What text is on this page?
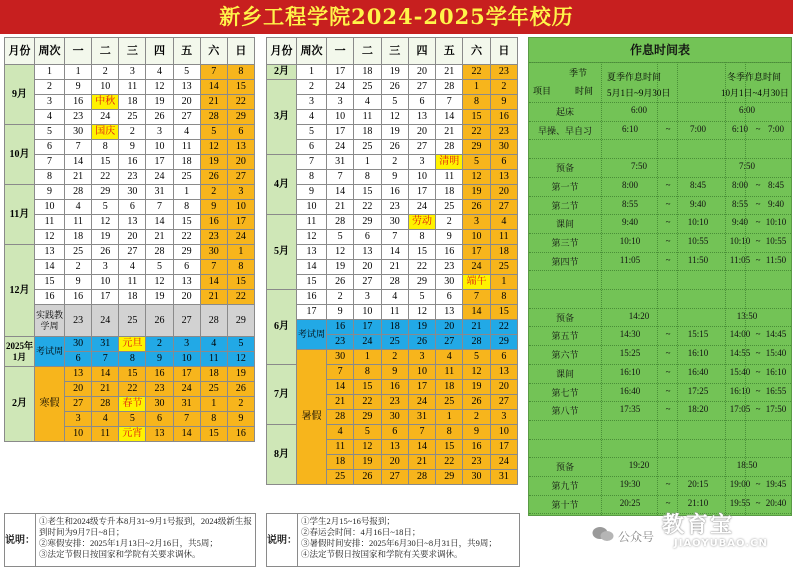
新乡工程学院2024-2025学年校历
月份	周次	一	二	三	四	五	六	日
9月	1	1	2	3	4	5	7	8
	2	9	10	11	12	13	14	15
	3	16	中秋	18	19	20	21	22
	4	23	24	25	26	27	28	29
10月	5	30	国庆	2	3	4	5	6
	6	7	8	9	10	11	12	13
	7	14	15	16	17	18	19	20
	8	21	22	23	24	25	26	27
11月	9	28	29	30	31	1	2	3
	10	4	5	6	7	8	9	10
	11	11	12	13	14	15	16	17
	12	18	19	20	21	22	23	24
12月	13	25	26	27	28	29	30	1
	14	2	3	4	5	6	7	8
	15	9	10	11	12	13	14	15
	16	16	17	18	19	20	21	22
	实践教学周	23	24	25	26	27	28	29
2025年1月	考试周	30	31	元旦	2	3	4	5
		6	7	8	9	10	11	12
2月	寒假	13	14	15	16	17	18	19
		20	21	22	23	24	25	26
		27	28	春节	30	31	1	2
		3	4	5	6	7	8	9
		10	11	元宵	13	14	15	16
说明：
①老生和2024级专升本8月31~9月1号报到，2024级新生报到时间为9月7日~8日；
②寒假安排：2025年1月13日~2月16日，共5周；
③法定节假日按国家和学院有关要求调休。
月份	周次	一	二	三	四	五	六	日
2月	1	17	18	19	20	21	22	23
3月	2	24	25	26	27	28	1	2
	3	3	4	5	6	7	8	9
	4	10	11	12	13	14	15	16
	5	17	18	19	20	21	22	23
	6	24	25	26	27	28	29	30
4月	7	31	1	2	3	清明	5	6
	8	7	8	9	10	11	12	13
	9	14	15	16	17	18	19	20
	10	21	22	23	24	25	26	27
5月	11	28	29	30	劳动	2	3	4
	12	5	6	7	8	9	10	11
	13	12	13	14	15	16	17	18
	14	19	20	21	22	23	24	25
	15	26	27	28	29	30	端午	1
6月	16	2	3	4	5	6	7	8
	17	9	10	11	12	13	14	15
	考试周	16	17	18	19	20	21	22
		23	24	25	26	27	28	29
	暑假	30	1	2	3	4	5	6
7月		7	8	9	10	11	12	13
		14	15	16	17	18	19	20
		21	22	23	24	25	26	27
		28	29	30	31	1	2	3
8月		4	5	6	7	8	9	10
		11	12	13	14	15	16	17
		18	19	20	21	22	23	24
		25	26	27	28	29	30	31
说明：
①学生2月15~16号报到；
②春运会时间：4月16日~18日；
③暑假时间安排：2025年6月30日~8月31日，共9周；
④法定节假日按国家和学院有关要求调休。
作息时间表
季节
项目	时间
夏季作息时间
5月1日~9月30日
冬季作息时间
10月1日~4月30日
起床	6:00	6:00
早操、早自习	6:10	~	7:00	6:10 ~ 7:00
预备	7:50	7:50
第一节	8:00	~	8:45	8:00 ~ 8:45
第二节	8:55	~	9:40	8:55 ~ 9:40
课间	9:40	~	10:10	9:40 ~ 10:10
第三节	10:10	~	10:55	10:10 ~ 10:55
第四节	11:05	~	11:50	11:05 ~ 11:50
预备	14:20	13:50
第五节	14:30	~	15:15	14:00 ~ 14:45
第六节	15:25	~	16:10	14:55 ~ 15:40
课间	16:10	~	16:40	15:40 ~ 16:10
第七节	16:40	~	17:25	16:10 ~ 16:55
第八节	17:35	~	18:20	17:05 ~ 17:50
预备	19:20	18:50
第九节	19:30	~	20:15	19:00 ~ 19:45
第十节	20:25	~	21:10	19:55 ~ 20:40
公众号 教育宝
JIAOYUBAO.CN
